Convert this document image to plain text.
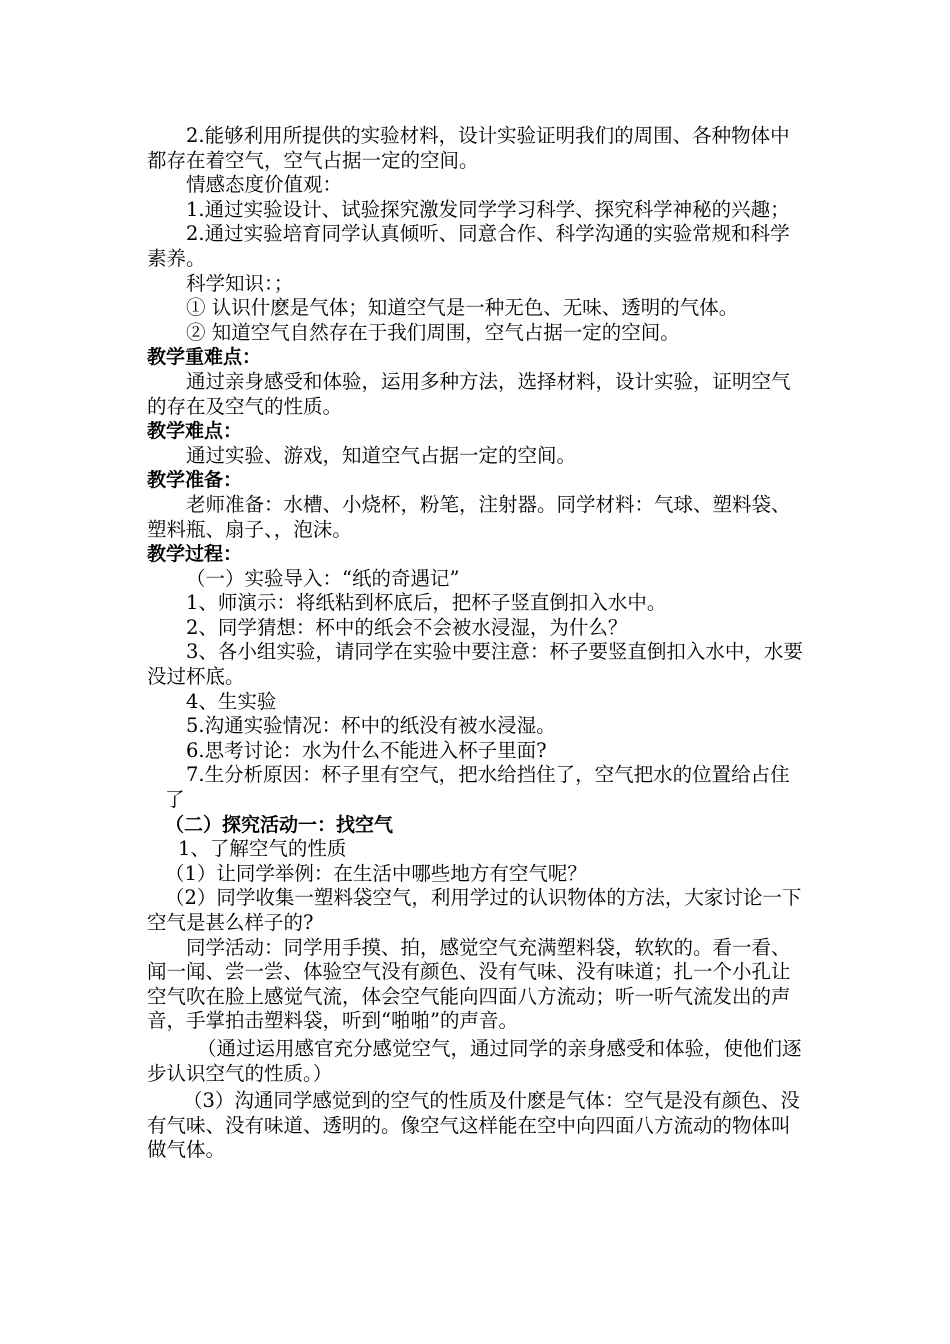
2.能够利用所提供的实验材料，设计实验证明我们的周围、各种物体中都存在着空气，空气占据一定的空间。

情感态度价值观：

1.通过实验设计、试验探究激发同学学习科学、探究科学神秘的兴趣；

2.通过实验培育同学认真倾听、同意合作、科学沟通的实验常规和科学素养。

科学知识：；

① 认识什麽是气体；知道空气是一种无色、无味、透明的气体。

② 知道空气自然存在于我们周围，空气占据一定的空间。

教学重难点：

通过亲身感受和体验，运用多种方法，选择材料，设计实验，证明空气的存在及空气的性质。

教学难点：

通过实验、游戏，知道空气占据一定的空间。

教学准备：

老师准备：水槽、小烧杯，粉笔，注射器。同学材料：气球、塑料袋、塑料瓶、扇子、，泡沫。

教学过程：

（一）实验导入：“纸的奇遇记”

1、师演示：将纸粘到杯底后，把杯子竖直倒扣入水中。

2、同学猜想：杯中的纸会不会被水浸湿，为什么？

3、各小组实验，请同学在实验中要注意：杯子要竖直倒扣入水中，水要没过杯底。

4、生实验

5.沟通实验情况：杯中的纸没有被水浸湿。

6.思考讨论：水为什么不能进入杯子里面?

7.生分析原因：杯子里有空气，把水给挡住了，空气把水的位置给占住了

（二）探究活动一：找空气

1、了解空气的性质

（1）让同学举例：在生活中哪些地方有空气呢？

（2）同学收集一塑料袋空气，利用学过的认识物体的方法，大家讨论一下空气是甚么样子的?

同学活动：同学用手摸、拍，感觉空气充满塑料袋，软软的。看一看、闻一闻、尝一尝、体验空气没有颜色、没有气味、没有味道；扎一个小孔让空气吹在脸上感觉气流，体会空气能向四面八方流动；听一听气流发出的声音，手掌拍击塑料袋，听到“啪啪”的声音。

（通过运用感官充分感觉空气，通过同学的亲身感受和体验，使他们逐步认识空气的性质。）

（3）沟通同学感觉到的空气的性质及什麽是气体：空气是没有颜色、没有气味、没有味道、透明的。像空气这样能在空中向四面八方流动的物体叫做气体。
